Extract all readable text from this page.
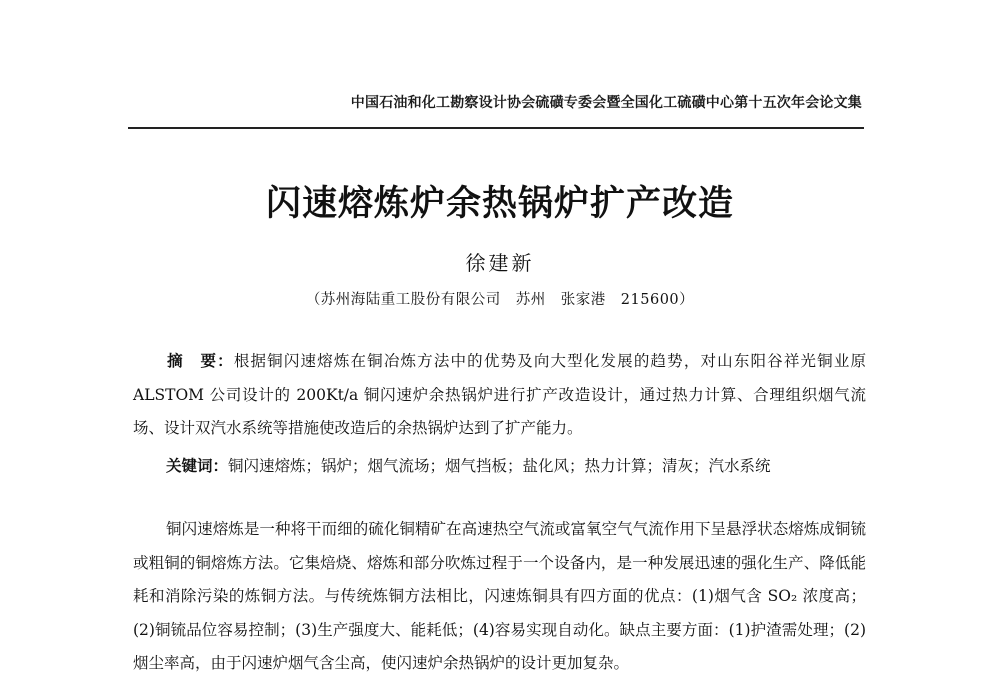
中国石油和化工勘察设计协会硫磺专委会暨全国化工硫磺中心第十五次年会论文集
闪速熔炼炉余热锅炉扩产改造
徐建新
（苏州海陆重工股份有限公司　苏州　张家港　215600）
摘　要：根据铜闪速熔炼在铜冶炼方法中的优势及向大型化发展的趋势，对山东阳谷祥光铜业原 ALSTOM 公司设计的 200Kt/a 铜闪速炉余热锅炉进行扩产改造设计，通过热力计算、合理组织烟气流场、设计双汽水系统等措施使改造后的余热锅炉达到了扩产能力。
关键词：铜闪速熔炼；锅炉；烟气流场；烟气挡板；盐化风；热力计算；清灰；汽水系统

铜闪速熔炼是一种将干而细的硫化铜精矿在高速热空气流或富氧空气气流作用下呈悬浮状态熔炼成铜锍或粗铜的铜熔炼方法。它集焙烧、熔炼和部分吹炼过程于一个设备内，是一种发展迅速的强化生产、降低能耗和消除污染的炼铜方法。与传统炼铜方法相比，闪速炼铜具有四方面的优点：(1)烟气含 SO₂ 浓度高；(2)铜锍品位容易控制；(3)生产强度大、能耗低；(4)容易实现自动化。缺点主要方面：(1)护渣需处理；(2)烟尘率高，由于闪速炉烟气含尘高，使闪速炉余热锅炉的设计更加复杂。
